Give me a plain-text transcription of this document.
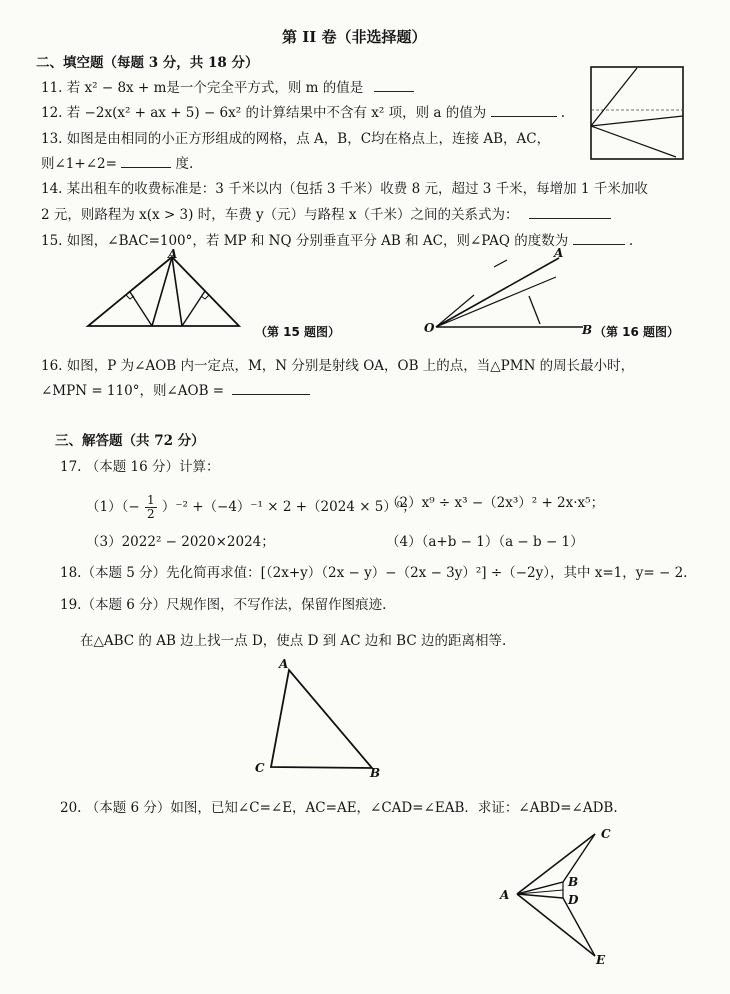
第 II 卷（非选择题）
二、填空题（每题 3 分，共 18 分）
11. 若 x² − 8x + m是一个完全平方式，则 m 的值是
12. 若 −2x(x² + ax + 5) − 6x² 的计算结果中不含有 x² 项，则 a 的值为	.
13. 如图是由相同的小正方形组成的网格，点 A，B，C均在格点上，连接 AB，AC，
则∠1+∠2=	度.
14. 某出租车的收费标准是：3 千米以内（包括 3 千米）收费 8 元，超过 3 千米，每增加 1 千米加收
2 元，则路程为 x(x > 3) 时，车费 y（元）与路程 x（千米）之间的关系式为：
15. 如图，∠BAC=100°，若 MP 和 NQ 分别垂直平分 AB 和 AC，则∠PAQ 的度数为	.
A
（第 15 题图）	O
A
B （第 16 题图）
16. 如图，P 为∠AOB 内一定点，M，N 分别是射线 OA，OB 上的点，当△PMN 的周长最小时，
∠MPN = 110°，则∠AOB =
三、解答题（共 72 分）
17. （本题 16 分）计算：
$(1)(- \frac{1}{2} )^{-2} +(-4)^{-1} \times 2 +(2024 \times 5)^0$；
（2）x⁹ ÷ x³ −（2x³）² + 2x·x⁵；
（3）2022² − 2020×2024；	（4）（a+b − 1）（a − b − 1）
18.（本题 5 分）先化简再求值：[（2x+y）（2x − y）−（2x − 3y）²] ÷（−2y），其中 x=1，y= − 2.
19.（本题 6 分）尺规作图，不写作法，保留作图痕迹.
在△ABC 的 AB 边上找一点 D，使点 D 到 AC 边和 BC 边的距离相等.
A
C	B
20. （本题 6 分）如图，已知∠C=∠E，AC=AE，∠CAD=∠EAB．求证：∠ABD=∠ADB.
A
C
B
D
E
